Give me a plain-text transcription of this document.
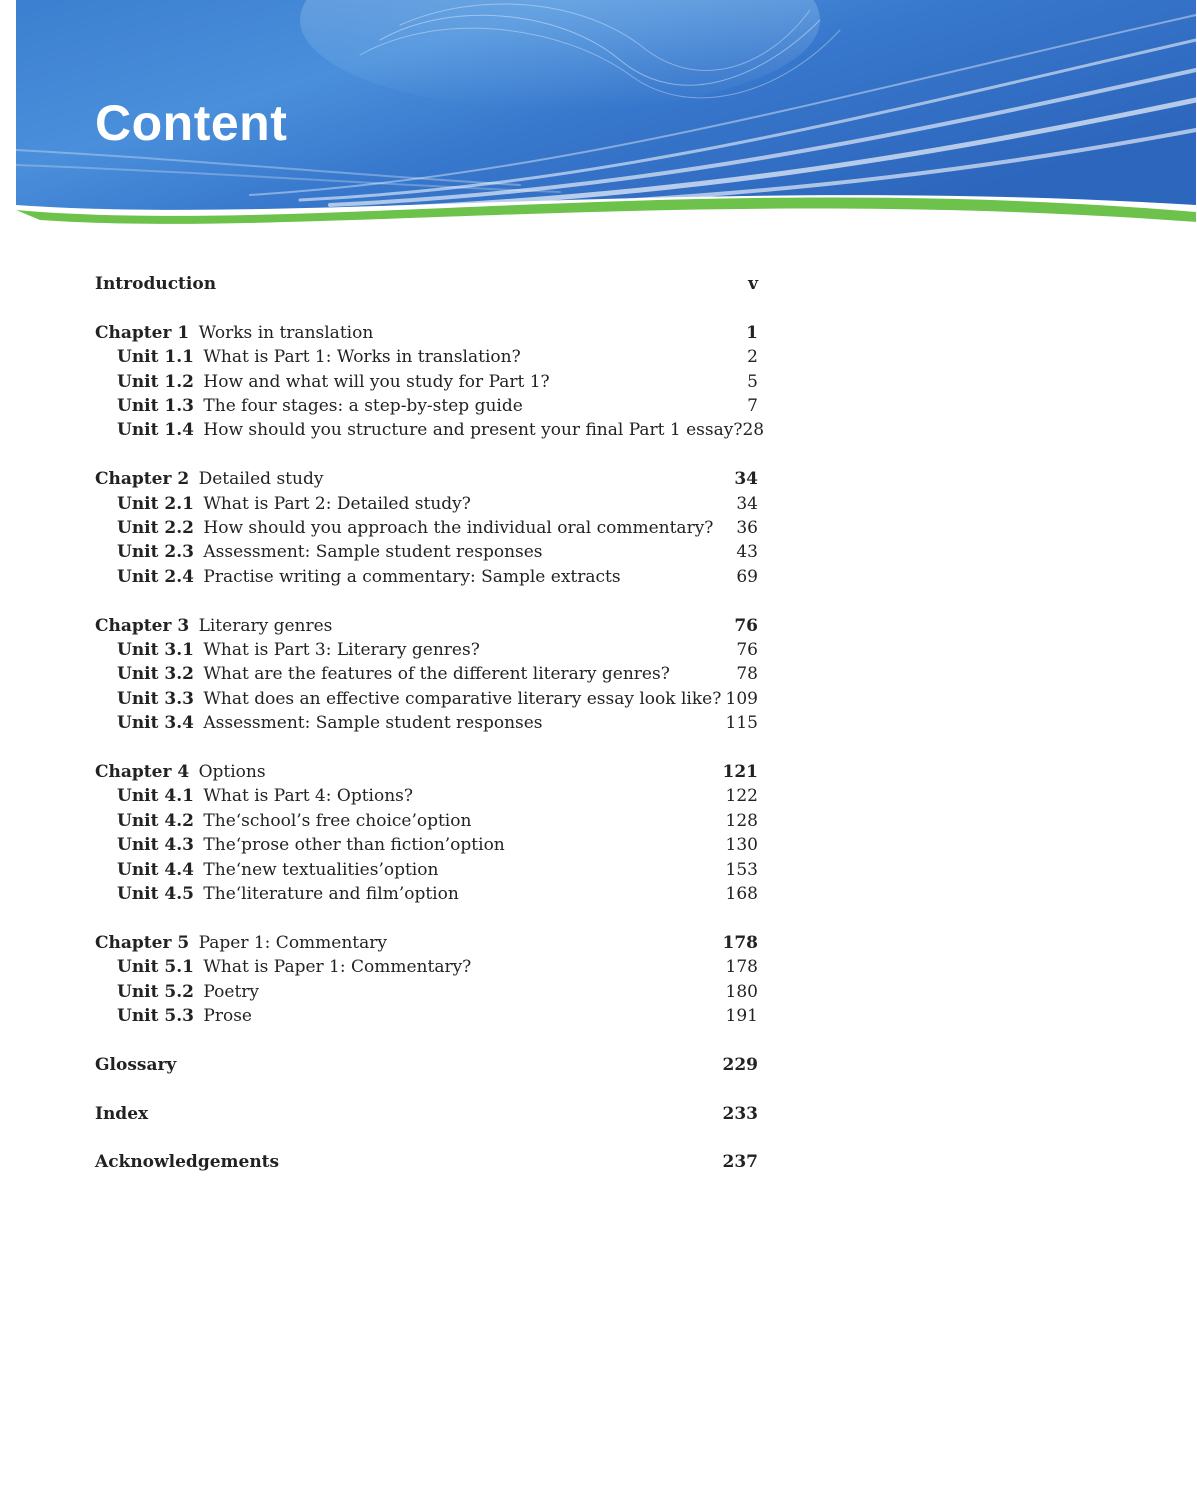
Content
Introduction	v
Chapter 1 Works in translation	1
Unit 1.1 What is Part 1: Works in translation?	2
Unit 1.2 How and what will you study for Part 1?	5
Unit 1.3 The four stages: a step-by-step guide	7
Unit 1.4 How should you structure and present your final Part 1 essay? 28
Chapter 2 Detailed study	34
Unit 2.1 What is Part 2: Detailed study?	34
Unit 2.2 How should you approach the individual oral commentary? 36
Unit 2.3 Assessment: Sample student responses	43
Unit 2.4 Practise writing a commentary: Sample extracts	69
Chapter 3 Literary genres	76
Unit 3.1 What is Part 3: Literary genres?	76
Unit 3.2 What are the features of the different literary genres?	78
Unit 3.3 What does an effective comparative literary essay look like? 109
Unit 3.4 Assessment: Sample student responses	115
Chapter 4 Options	121
Unit 4.1 What is Part 4: Options?	122
Unit 4.2 The‘school’s free choice’option	128
Unit 4.3 The‘prose other than fiction’option	130
Unit 4.4 The‘new textualities’option	153
Unit 4.5 The‘literature and film’option	168
Chapter 5 Paper 1: Commentary	178
Unit 5.1 What is Paper 1: Commentary?	178
Unit 5.2 Poetry	180
Unit 5.3 Prose	191
Glossary	229
Index	233
Acknowledgements	237
